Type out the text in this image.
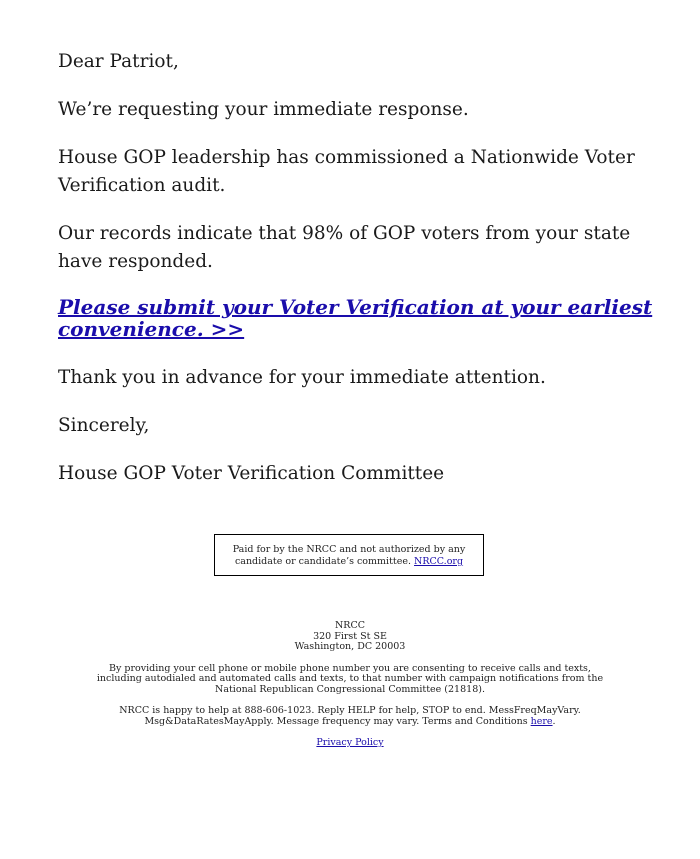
Dear Patriot,

We’re requesting your immediate response.

House GOP leadership has commissioned a Nationwide Voter Verification audit.

Our records indicate that 98% of GOP voters from your state have responded.

Please submit your Voter Verification at your earliest convenience. >>

Thank you in advance for your immediate attention.

Sincerely,

House GOP Voter Verification Committee

Paid for by the NRCC and not authorized by any candidate or candidate’s committee. NRCC.org
NRCC
320 First St SE
Washington, DC 20003
By providing your cell phone or mobile phone number you are consenting to receive calls and texts, including autodialed and automated calls and texts, to that number with campaign notifications from the National Republican Congressional Committee (21818).
NRCC is happy to help at 888-606-1023. Reply HELP for help, STOP to end. MessFreqMayVary. Msg&DataRatesMayApply. Message frequency may vary. Terms and Conditions here.
Privacy Policy
